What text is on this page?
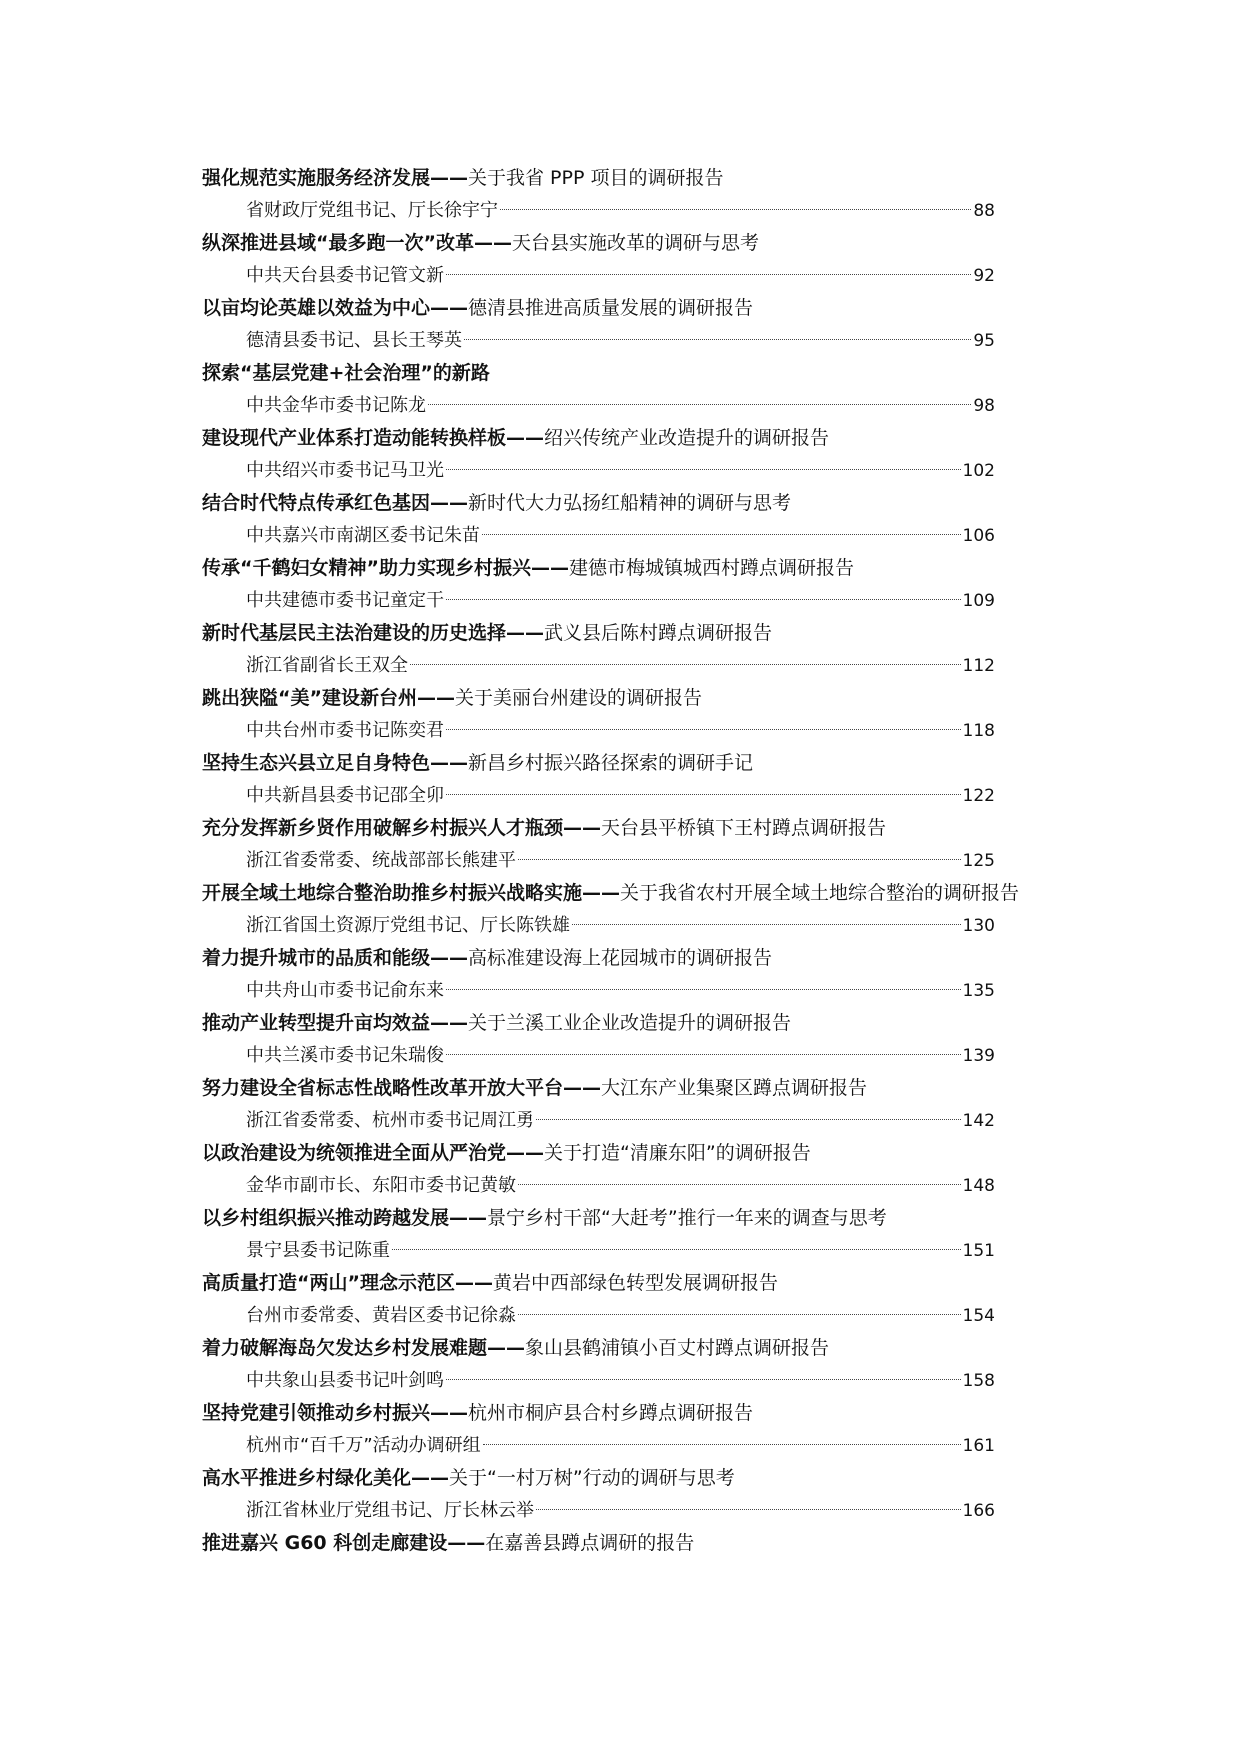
强化规范实施服务经济发展——关于我省 PPP 项目的调研报告
省财政厅党组书记、厅长徐宇宁	88
纵深推进县域“最多跑一次”改革——天台县实施改革的调研与思考
中共天台县委书记管文新	92
以亩均论英雄以效益为中心——德清县推进高质量发展的调研报告
德清县委书记、县长王琴英	95
探索“基层党建+社会治理”的新路
中共金华市委书记陈龙	98
建设现代产业体系打造动能转换样板——绍兴传统产业改造提升的调研报告
中共绍兴市委书记马卫光	102
结合时代特点传承红色基因——新时代大力弘扬红船精神的调研与思考
中共嘉兴市南湖区委书记朱苗	106
传承“千鹤妇女精神”助力实现乡村振兴——建德市梅城镇城西村蹲点调研报告
中共建德市委书记童定干	109
新时代基层民主法治建设的历史选择——武义县后陈村蹲点调研报告
浙江省副省长王双全	112
跳出狭隘“美”建设新台州——关于美丽台州建设的调研报告
中共台州市委书记陈奕君	118
坚持生态兴县立足自身特色——新昌乡村振兴路径探索的调研手记
中共新昌县委书记邵全卯	122
充分发挥新乡贤作用破解乡村振兴人才瓶颈——天台县平桥镇下王村蹲点调研报告
浙江省委常委、统战部部长熊建平	125
开展全域土地综合整治助推乡村振兴战略实施——关于我省农村开展全域土地综合整治的调研报告
浙江省国土资源厅党组书记、厅长陈铁雄	130
着力提升城市的品质和能级——高标准建设海上花园城市的调研报告
中共舟山市委书记俞东来	135
推动产业转型提升亩均效益——关于兰溪工业企业改造提升的调研报告
中共兰溪市委书记朱瑞俊	139
努力建设全省标志性战略性改革开放大平台——大江东产业集聚区蹲点调研报告
浙江省委常委、杭州市委书记周江勇	142
以政治建设为统领推进全面从严治党——关于打造“清廉东阳”的调研报告
金华市副市长、东阳市委书记黄敏	148
以乡村组织振兴推动跨越发展——景宁乡村干部“大赶考”推行一年来的调查与思考
景宁县委书记陈重	151
高质量打造“两山”理念示范区——黄岩中西部绿色转型发展调研报告
台州市委常委、黄岩区委书记徐淼	154
着力破解海岛欠发达乡村发展难题——象山县鹤浦镇小百丈村蹲点调研报告
中共象山县委书记叶剑鸣	158
坚持党建引领推动乡村振兴——杭州市桐庐县合村乡蹲点调研报告
杭州市“百千万”活动办调研组	161
高水平推进乡村绿化美化——关于“一村万树”行动的调研与思考
浙江省林业厅党组书记、厅长林云举	166
推进嘉兴 G60 科创走廊建设——在嘉善县蹲点调研的报告
